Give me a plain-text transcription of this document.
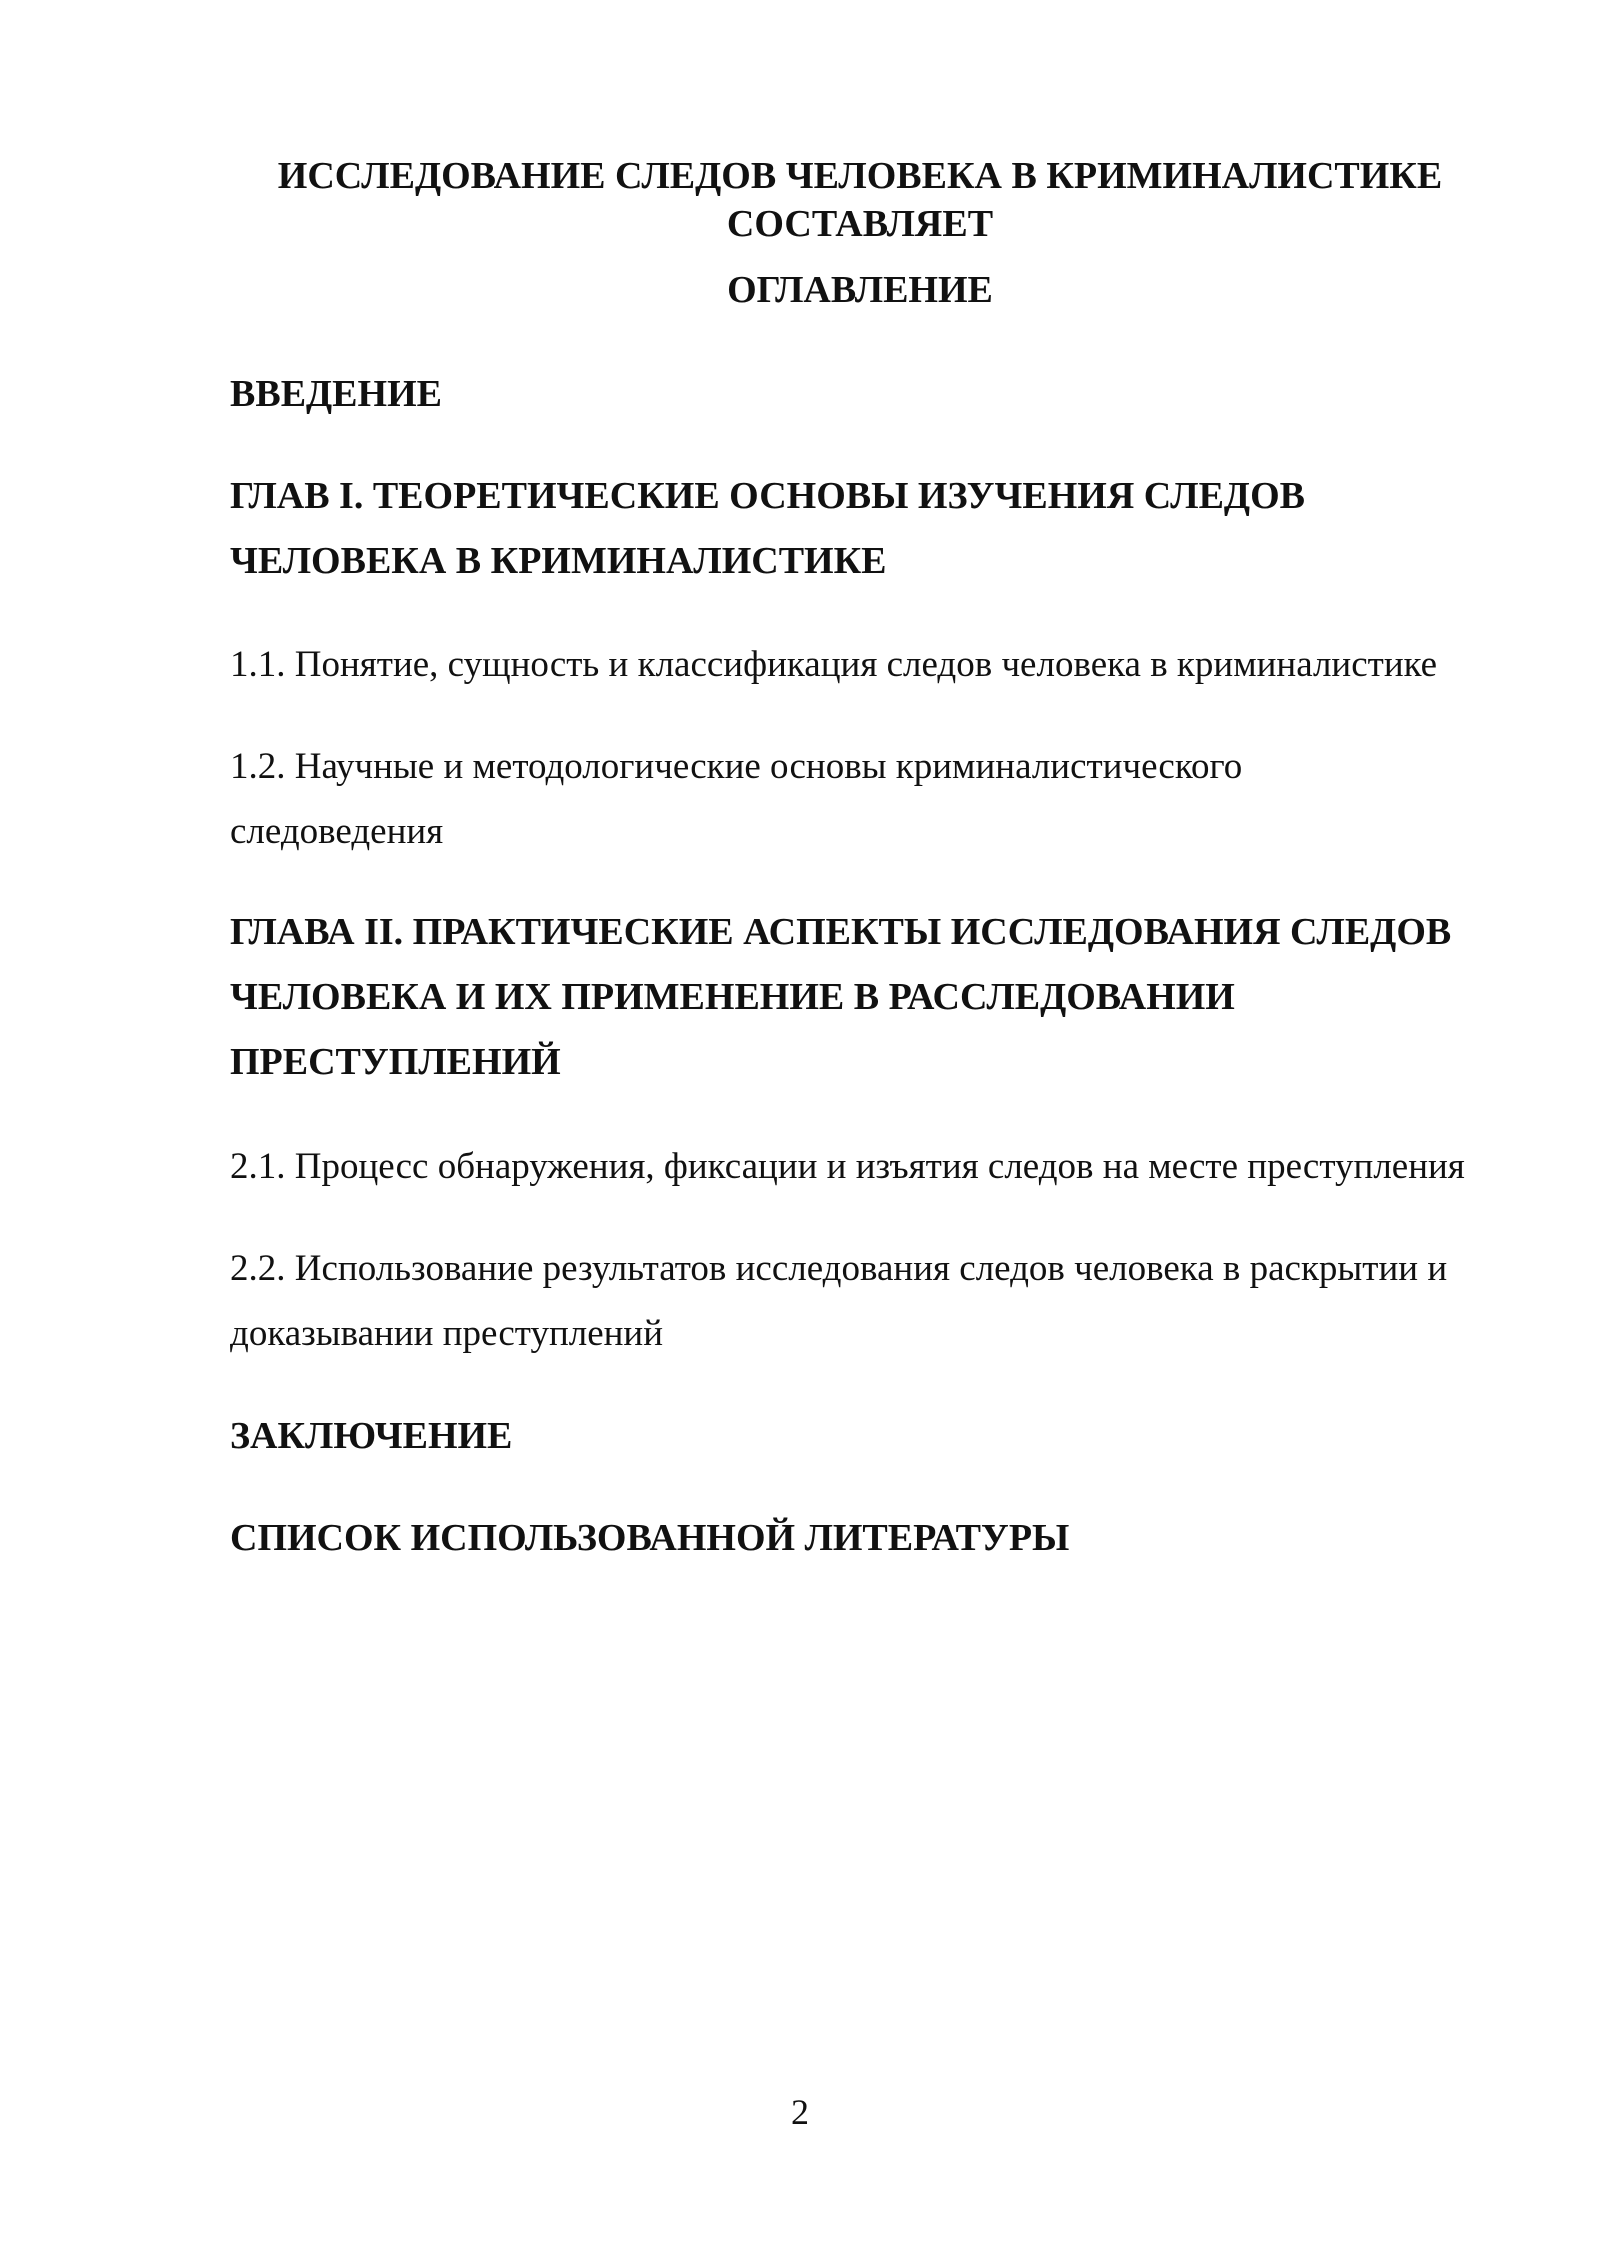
ИССЛЕДОВАНИЕ СЛЕДОВ ЧЕЛОВЕКА В КРИМИНАЛИСТИКЕ СОСТАВЛЯЕТ
ОГЛАВЛЕНИЕ

ВВЕДЕНИЕ

ГЛАВ I. ТЕОРЕТИЧЕСКИЕ ОСНОВЫ ИЗУЧЕНИЯ СЛЕДОВ ЧЕЛОВЕКА В КРИМИНАЛИСТИКЕ

1.1. Понятие, сущность и классификация следов человека в криминалистике

1.2. Научные и методологические основы криминалистического следоведения

ГЛАВА II. ПРАКТИЧЕСКИЕ АСПЕКТЫ ИССЛЕДОВАНИЯ СЛЕДОВ ЧЕЛОВЕКА И ИХ ПРИМЕНЕНИЕ В РАССЛЕДОВАНИИ ПРЕСТУПЛЕНИЙ

2.1. Процесс обнаружения, фиксации и изъятия следов на месте преступления

2.2. Использование результатов исследования следов человека в раскрытии и доказывании преступлений

ЗАКЛЮЧЕНИЕ

СПИСОК ИСПОЛЬЗОВАННОЙ ЛИТЕРАТУРЫ

2
